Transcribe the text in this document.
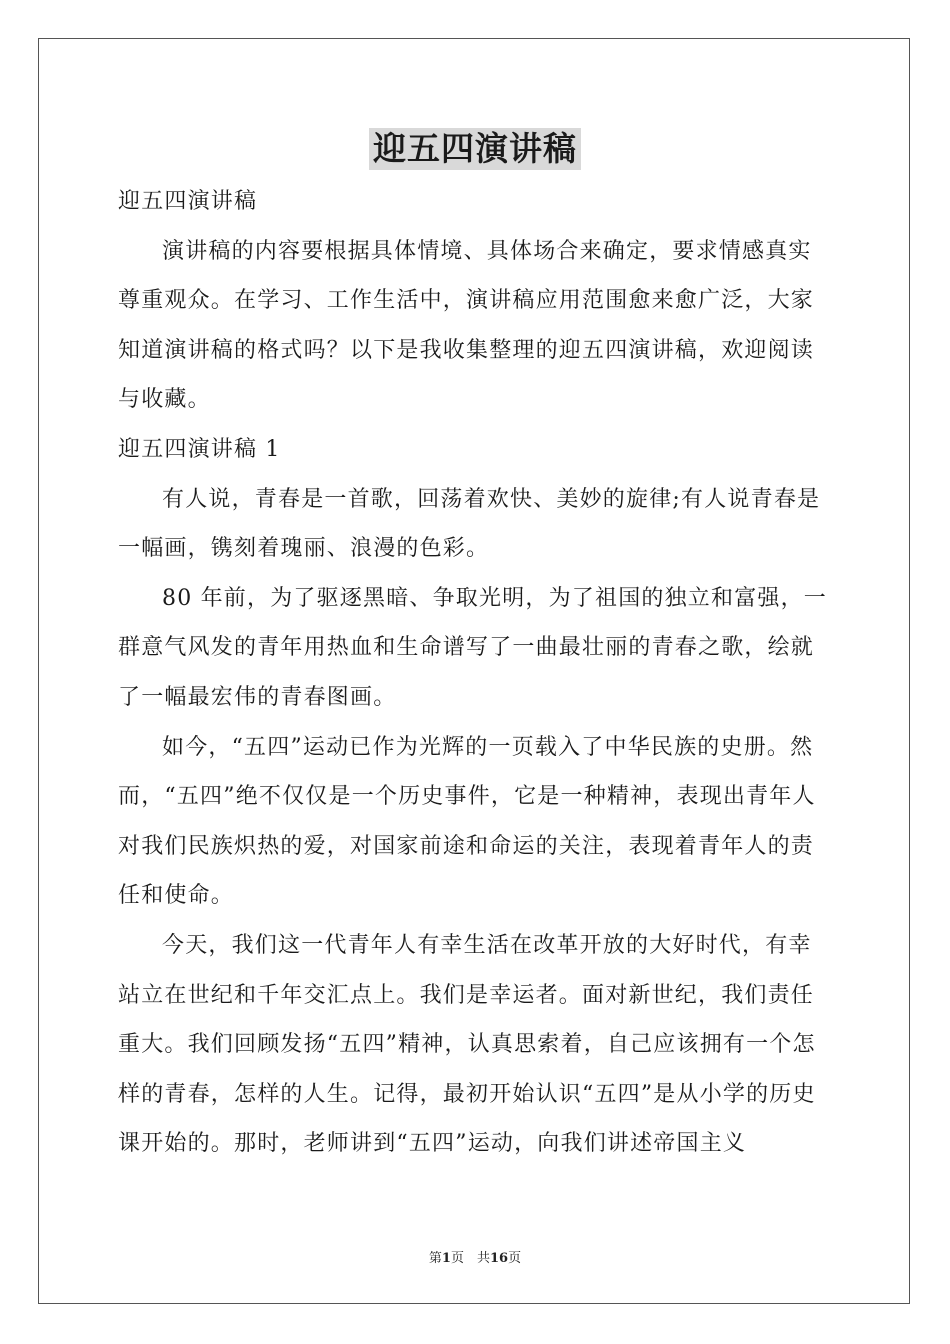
迎五四演讲稿

迎五四演讲稿

演讲稿的内容要根据具体情境、具体场合来确定，要求情感真实尊重观众。在学习、工作生活中，演讲稿应用范围愈来愈广泛，大家知道演讲稿的格式吗？以下是我收集整理的迎五四演讲稿，欢迎阅读与收藏。

迎五四演讲稿 1

有人说，青春是一首歌，回荡着欢快、美妙的旋律;有人说青春是一幅画，镌刻着瑰丽、浪漫的色彩。

80 年前，为了驱逐黑暗、争取光明，为了祖国的独立和富强，一群意气风发的青年用热血和生命谱写了一曲最壮丽的青春之歌，绘就了一幅最宏伟的青春图画。

如今，“五四”运动已作为光辉的一页载入了中华民族的史册。然而，“五四”绝不仅仅是一个历史事件，它是一种精神，表现出青年人对我们民族炽热的爱，对国家前途和命运的关注，表现着青年人的责任和使命。

今天，我们这一代青年人有幸生活在改革开放的大好时代，有幸站立在世纪和千年交汇点上。我们是幸运者。面对新世纪，我们责任重大。我们回顾发扬“五四”精神，认真思索着，自己应该拥有一个怎样的青春，怎样的人生。记得，最初开始认识“五四”是从小学的历史课开始的。那时，老师讲到“五四”运动，向我们讲述帝国主义

第1页　共16页
